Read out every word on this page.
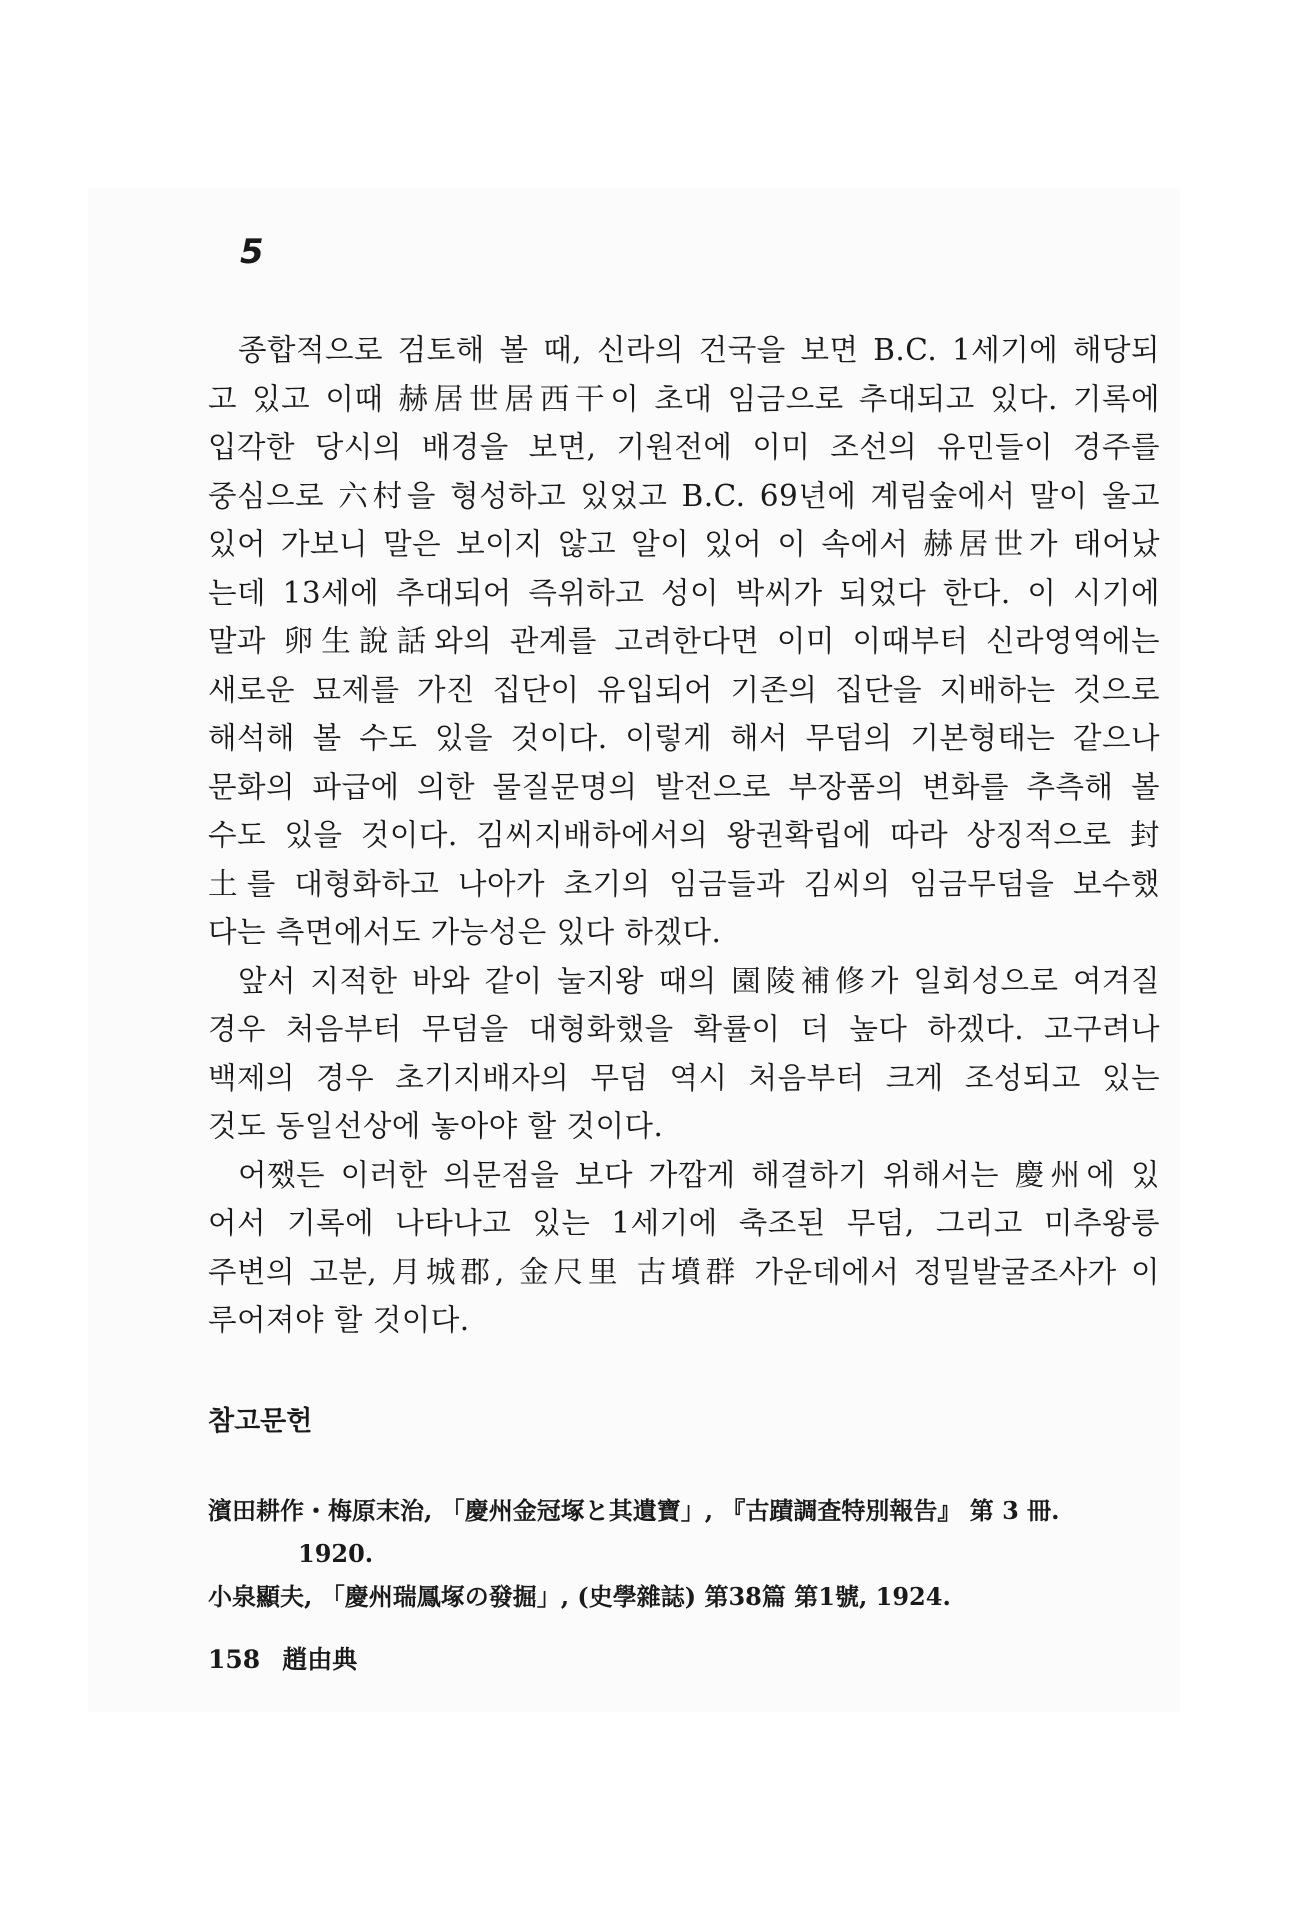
5
종합적으로 검토해 볼 때, 신라의 건국을 보면 B.C. 1세기에 해당되
고 있고 이때 赫居世居西干이 초대 임금으로 추대되고 있다. 기록에
입각한 당시의 배경을 보면, 기원전에 이미 조선의 유민들이 경주를
중심으로 六村을 형성하고 있었고 B.C. 69년에 계림숲에서 말이 울고
있어 가보니 말은 보이지 않고 알이 있어 이 속에서 赫居世가 태어났
는데 13세에 추대되어 즉위하고 성이 박씨가 되었다 한다. 이 시기에
말과 卵生說話와의 관계를 고려한다면 이미 이때부터 신라영역에는
새로운 묘제를 가진 집단이 유입되어 기존의 집단을 지배하는 것으로
해석해 볼 수도 있을 것이다. 이렇게 해서 무덤의 기본형태는 같으나
문화의 파급에 의한 물질문명의 발전으로 부장품의 변화를 추측해 볼
수도 있을 것이다. 김씨지배하에서의 왕권확립에 따라 상징적으로 封
土를 대형화하고 나아가 초기의 임금들과 김씨의 임금무덤을 보수했
다는 측면에서도 가능성은 있다 하겠다.
앞서 지적한 바와 같이 눌지왕 때의 園陵補修가 일회성으로 여겨질
경우 처음부터 무덤을 대형화했을 확률이 더 높다 하겠다. 고구려나
백제의 경우 초기지배자의 무덤 역시 처음부터 크게 조성되고 있는
것도 동일선상에 놓아야 할 것이다.
어쨌든 이러한 의문점을 보다 가깝게 해결하기 위해서는 慶州에 있
어서 기록에 나타나고 있는 1세기에 축조된 무덤, 그리고 미추왕릉
주변의 고분, 月城郡, 金尺里 古墳群 가운데에서 정밀발굴조사가 이
루어져야 할 것이다.
참고문헌
濱田耕作・梅原末治, 「慶州金冠塚と其遺寶」, 『古蹟調査特別報告』 第 3 冊.
1920.
小泉顯夫, 「慶州瑞鳳塚の發掘」, (史學雜誌) 第38篇 第1號, 1924.
158 趙由典
